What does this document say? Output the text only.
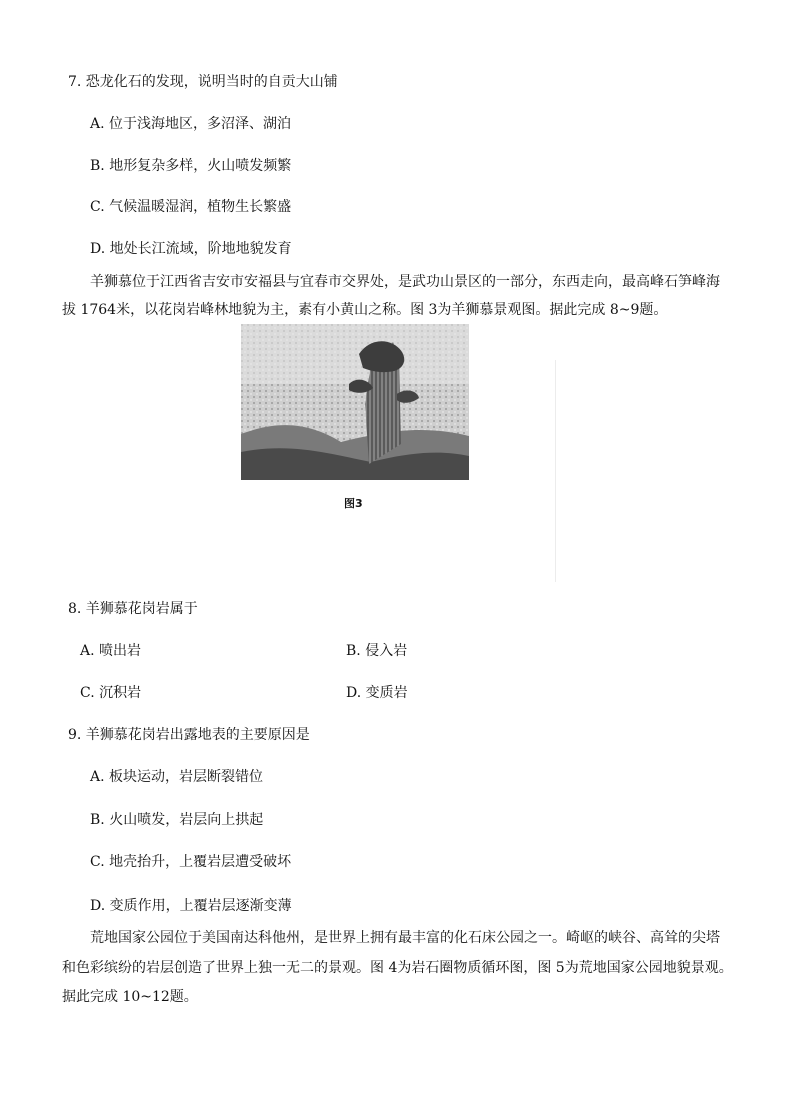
7. 恐龙化石的发现，说明当时的自贡大山铺
A. 位于浅海地区，多沼泽、湖泊
B. 地形复杂多样，火山喷发频繁
C. 气候温暖湿润，植物生长繁盛
D. 地处长江流域，阶地地貌发育
羊狮慕位于江西省吉安市安福县与宜春市交界处，是武功山景区的一部分，东西走向，最高峰石笋峰海
拔 1764米，以花岗岩峰林地貌为主，素有小黄山之称。图 3为羊狮慕景观图。据此完成 8~9题。
图3
8. 羊狮慕花岗岩属于
A. 喷出岩	B. 侵入岩
C. 沉积岩	D. 变质岩
9. 羊狮慕花岗岩出露地表的主要原因是
A. 板块运动，岩层断裂错位
B. 火山喷发，岩层向上拱起
C. 地壳抬升，上覆岩层遭受破坏
D. 变质作用，上覆岩层逐渐变薄
荒地国家公园位于美国南达科他州，是世界上拥有最丰富的化石床公园之一。崎岖的峡谷、高耸的尖塔
和色彩缤纷的岩层创造了世界上独一无二的景观。图 4为岩石圈物质循环图，图 5为荒地国家公园地貌景观。
据此完成 10~12题。
